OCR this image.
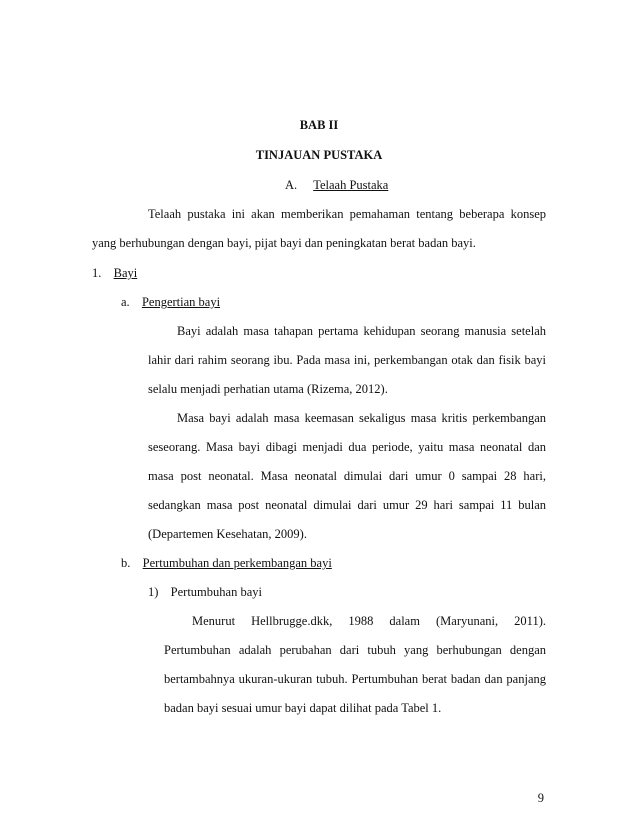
BAB II
TINJAUAN PUSTAKA
A. Telaah Pustaka
Telaah pustaka ini akan memberikan pemahaman tentang beberapa konsep
yang berhubungan dengan bayi, pijat bayi dan peningkatan berat badan bayi.
1. Bayi
a. Pengertian bayi
Bayi adalah masa tahapan pertama kehidupan seorang manusia setelah
lahir dari rahim seorang ibu. Pada masa ini, perkembangan otak dan fisik bayi
selalu menjadi perhatian utama (Rizema, 2012).
Masa bayi adalah masa keemasan sekaligus masa kritis perkembangan
seseorang. Masa bayi dibagi menjadi dua periode, yaitu masa neonatal dan
masa post neonatal. Masa neonatal dimulai dari umur 0 sampai 28 hari,
sedangkan masa post neonatal dimulai dari umur 29 hari sampai 11 bulan
(Departemen Kesehatan, 2009).
b. Pertumbuhan dan perkembangan bayi
1) Pertumbuhan bayi
Menurut Hellbrugge.dkk, 1988 dalam (Maryunani, 2011).
Pertumbuhan adalah perubahan dari tubuh yang berhubungan dengan
bertambahnya ukuran-ukuran tubuh. Pertumbuhan berat badan dan panjang
badan bayi sesuai umur bayi dapat dilihat pada Tabel 1.
9
